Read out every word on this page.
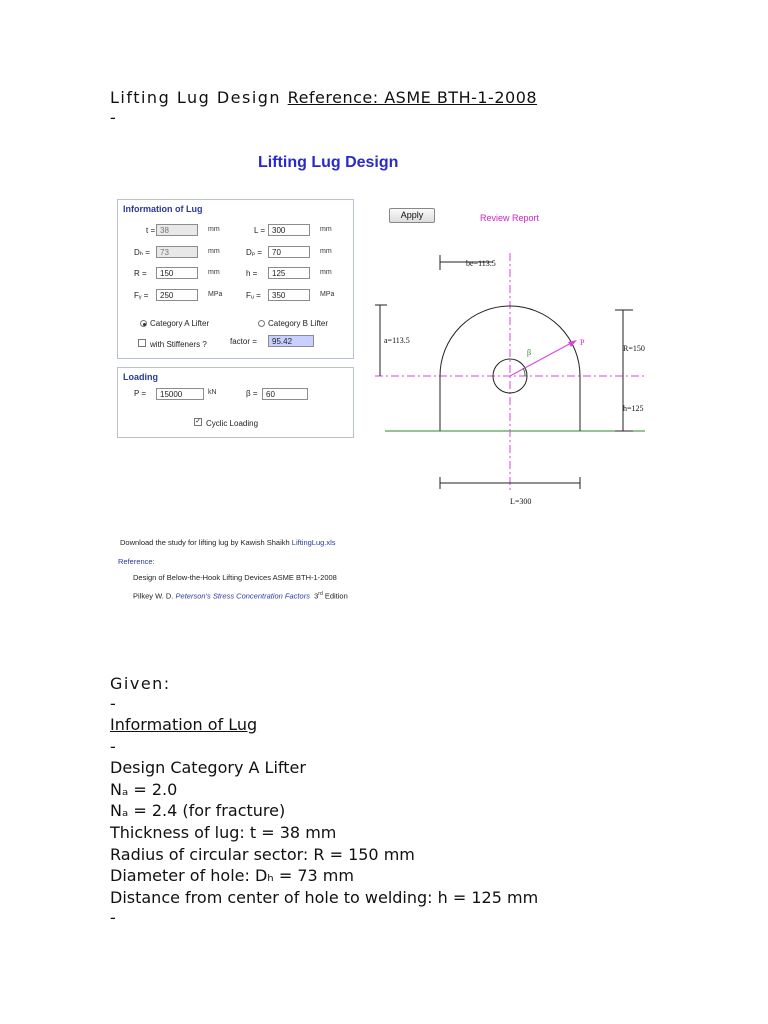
Lifting Lug Design Reference: ASME BTH-1-2008
-
Lifting Lug Design
Information of Lug
t = 38	mm	L = 300	mm
Dₕ =	73	mm	Dₚ =	70	mm
R =	150	mm	h =	125	mm
Fᵧ =	250	MPa	Fᵤ =	350	MPa
Category A Lifter	Category B Lifter
with Stiffeners ?	factor =	95.42
Loading
P =	15000	kN	β =	60
✓ Cyclic Loading
Apply	Review Report
be=113.5
a=113.5
R=150
h=125
L=300
P
β
Download the study for lifting lug by Kawish Shaikh LiftingLug.xls
Reference:
Design of Below-the-Hook Lifting Devices ASME BTH-1-2008
Pilkey W. D. Peterson's Stress Concentration Factors 3rd Edition
Given:
-
Information of Lug
-
Design Category A Lifter
Nₐ = 2.0
Nₐ = 2.4 (for fracture)
Thickness of lug: t = 38 mm
Radius of circular sector: R = 150 mm
Diameter of hole: Dₕ = 73 mm
Distance from center of hole to welding: h = 125 mm
-
